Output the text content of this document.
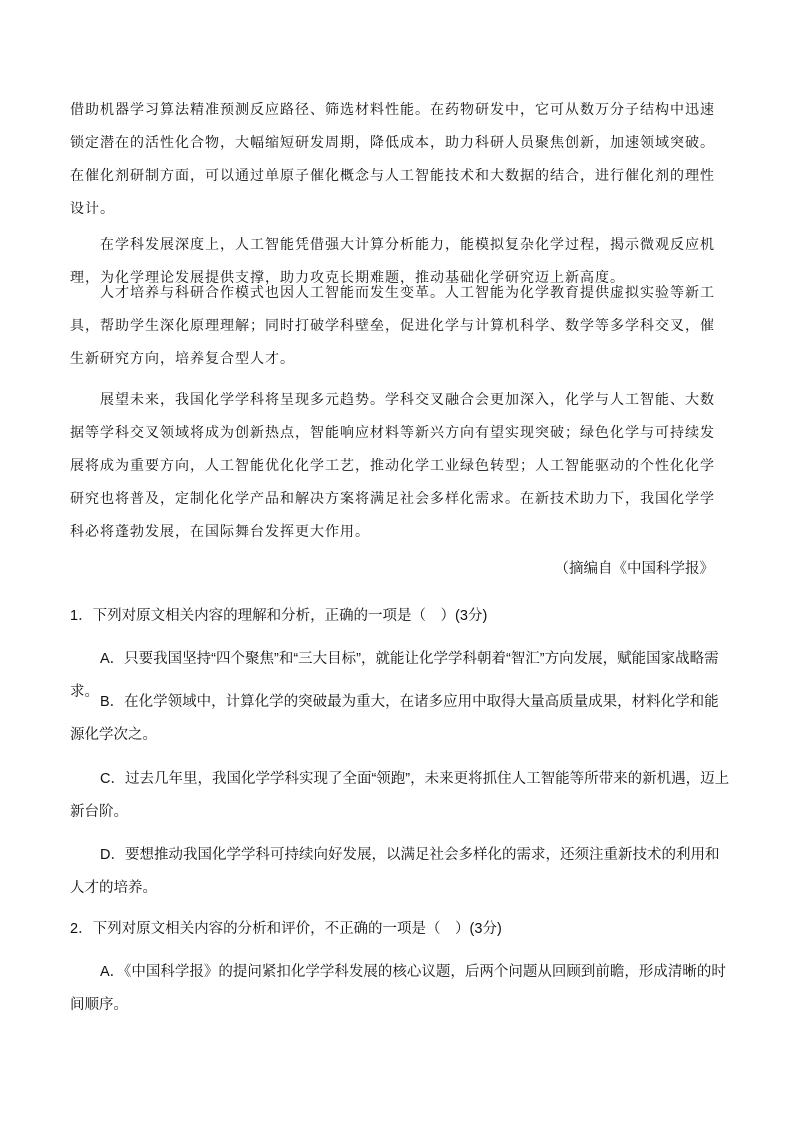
借助机器学习算法精准预测反应路径、筛选材料性能。在药物研发中，它可从数万分子结构中迅速锁定潜在的活性化合物，大幅缩短研发周期，降低成本，助力科研人员聚焦创新，加速领域突破。在催化剂研制方面，可以通过单原子催化概念与人工智能技术和大数据的结合，进行催化剂的理性设计。

在学科发展深度上，人工智能凭借强大计算分析能力，能模拟复杂化学过程，揭示微观反应机理，为化学理论发展提供支撑，助力攻克长期难题，推动基础化学研究迈上新高度。

人才培养与科研合作模式也因人工智能而发生变革。人工智能为化学教育提供虚拟实验等新工具，帮助学生深化原理理解；同时打破学科壁垒，促进化学与计算机科学、数学等多学科交叉，催生新研究方向，培养复合型人才。

展望未来，我国化学学科将呈现多元趋势。学科交叉融合会更加深入，化学与人工智能、大数据等学科交叉领域将成为创新热点，智能响应材料等新兴方向有望实现突破；绿色化学与可持续发展将成为重要方向，人工智能优化化学工艺，推动化学工业绿色转型；人工智能驱动的个性化化学研究也将普及，定制化化学产品和解决方案将满足社会多样化需求。在新技术助力下，我国化学学科必将蓬勃发展，在国际舞台发挥更大作用。

（摘编自《中国科学报》

1．下列对原文相关内容的理解和分析，正确的一项是（　）(3分)

A．只要我国坚持“四个聚焦”和“三大目标”，就能让化学学科朝着“智汇”方向发展，赋能国家战略需求。

B．在化学领域中，计算化学的突破最为重大，在诸多应用中取得大量高质量成果，材料化学和能源化学次之。

C．过去几年里，我国化学学科实现了全面“领跑”，未来更将抓住人工智能等所带来的新机遇，迈上新台阶。

D．要想推动我国化学学科可持续向好发展，以满足社会多样化的需求，还须注重新技术的利用和人才的培养。

2．下列对原文相关内容的分析和评价，不正确的一项是（　）(3分)

A．《中国科学报》的提问紧扣化学学科发展的核心议题，后两个问题从回顾到前瞻，形成清晰的时间顺序。
